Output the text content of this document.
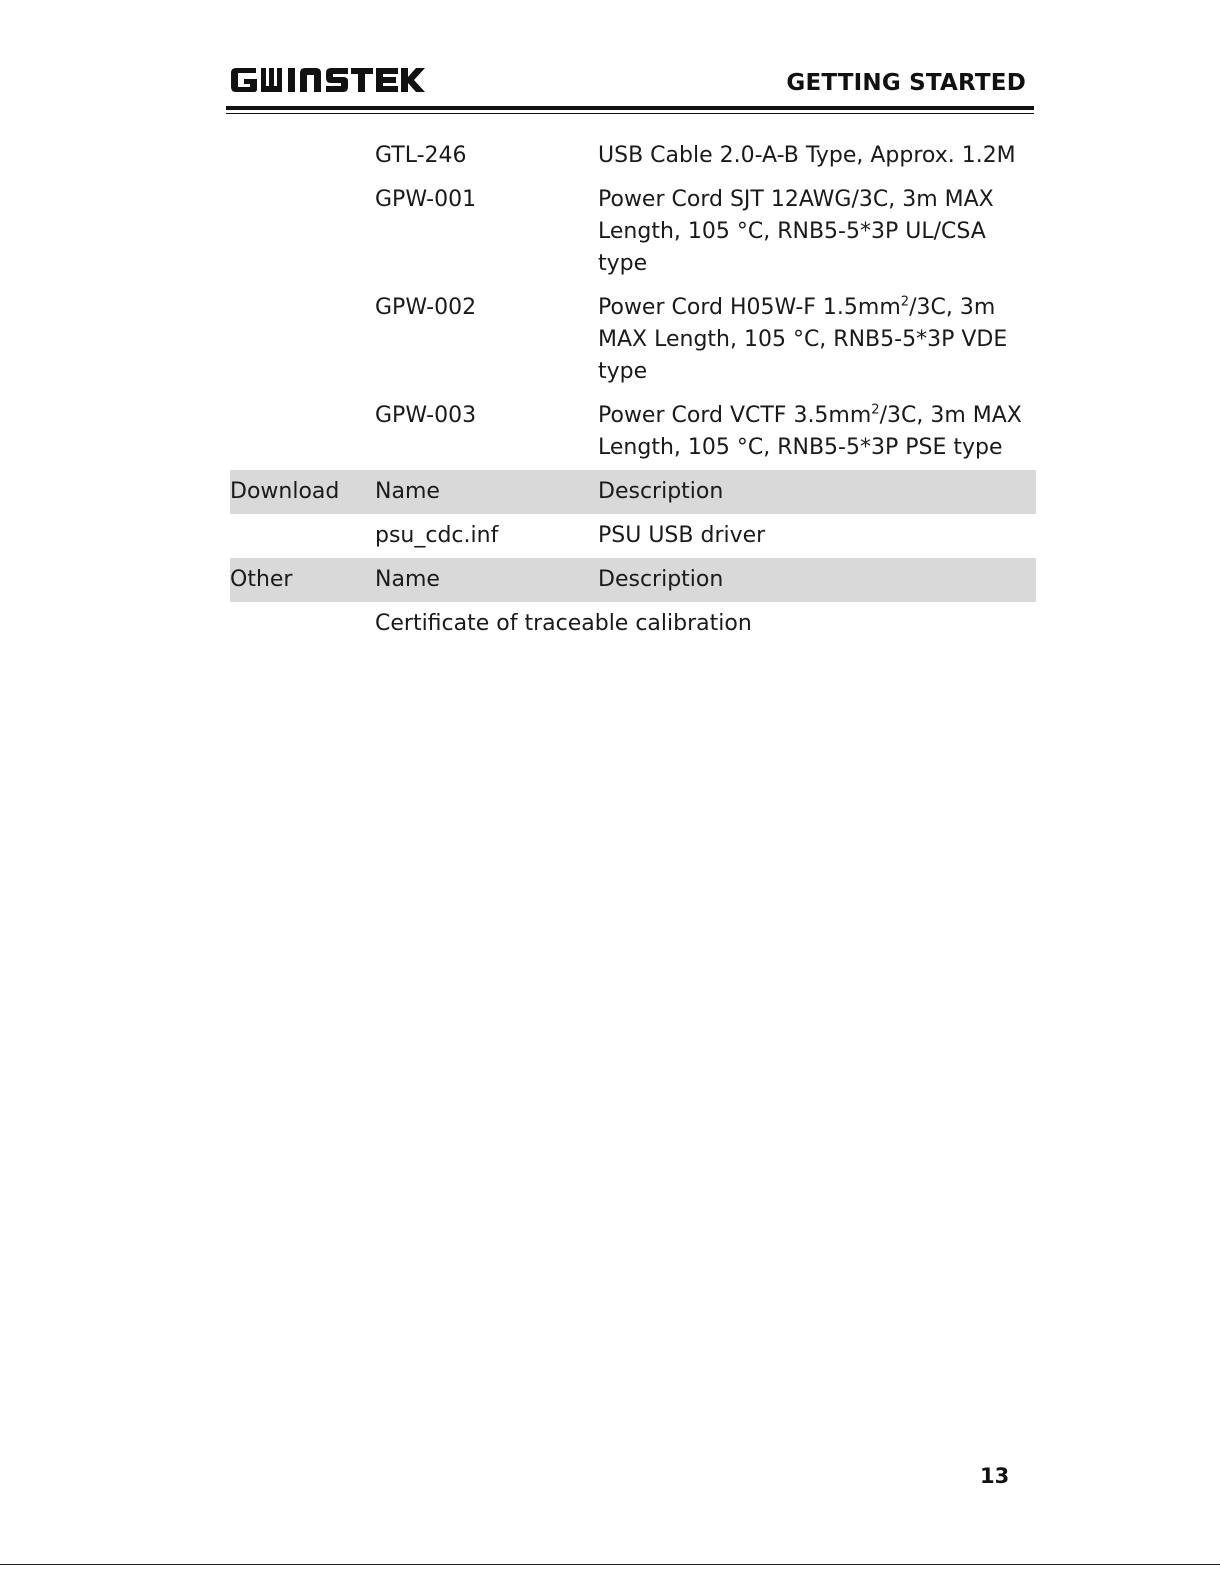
GETTING STARTED
	GTL-246	USB Cable 2.0-A-B Type, Approx. 1.2M
	GPW-001	Power Cord SJT 12AWG/3C, 3m MAX Length, 105 °C, RNB5-5*3P UL/CSA type
	GPW-002	Power Cord H05W-F $1.5mm^2/3C$, 3m MAX Length, 105 °C, RNB5-5*3P VDE type
	GPW-003	Power Cord VCTF $3.5mm^2/3C$, 3m MAX Length, 105 °C, RNB5-5*3P PSE type
Download	Name	Description
	psu_cdc.inf	PSU USB driver
Other	Name	Description
	Certificate of traceable calibration	
13
